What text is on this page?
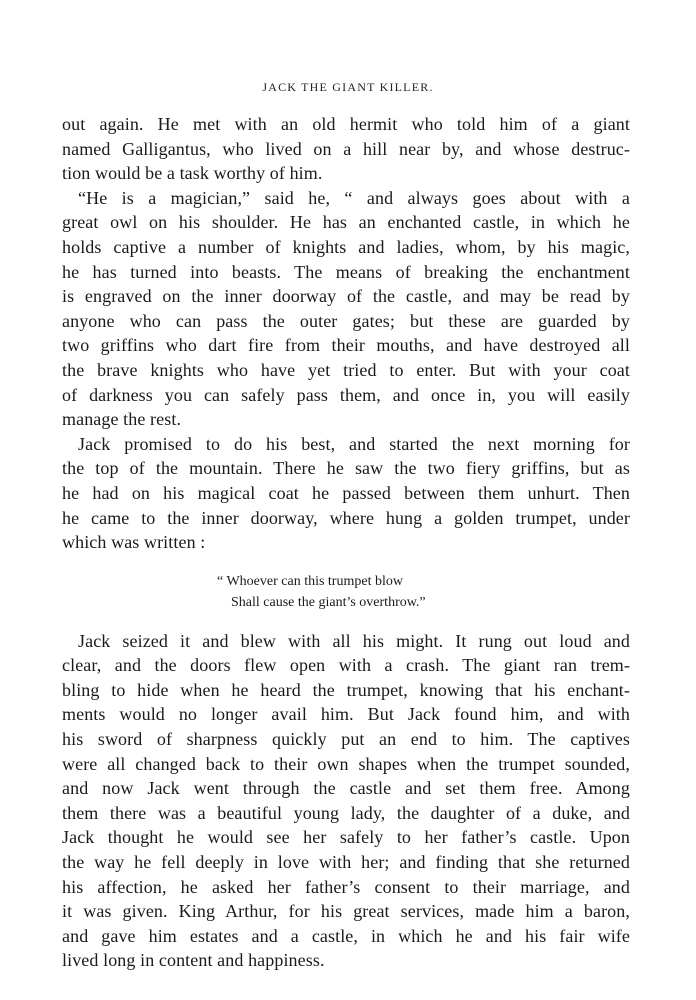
JACK THE GIANT KILLER.
out again. He met with an old hermit who told him of a giant
named Galligantus, who lived on a hill near by, and whose destruc-
tion would be a task worthy of him.
“He is a magician,” said he, “ and always goes about with a
great owl on his shoulder. He has an enchanted castle, in which he
holds captive a number of knights and ladies, whom, by his magic,
he has turned into beasts. The means of breaking the enchantment
is engraved on the inner doorway of the castle, and may be read by
anyone who can pass the outer gates; but these are guarded by
two griffins who dart fire from their mouths, and have destroyed all
the brave knights who have yet tried to enter. But with your coat
of darkness you can safely pass them, and once in, you will easily
manage the rest.
Jack promised to do his best, and started the next morning for
the top of the mountain. There he saw the two fiery griffins, but as
he had on his magical coat he passed between them unhurt. Then
he came to the inner doorway, where hung a golden trumpet, under
which was written :
“ Whoever can this trumpet blow
Shall cause the giant’s overthrow.”
Jack seized it and blew with all his might. It rung out loud and
clear, and the doors flew open with a crash. The giant ran trem-
bling to hide when he heard the trumpet, knowing that his enchant-
ments would no longer avail him. But Jack found him, and with
his sword of sharpness quickly put an end to him. The captives
were all changed back to their own shapes when the trumpet sounded,
and now Jack went through the castle and set them free. Among
them there was a beautiful young lady, the daughter of a duke, and
Jack thought he would see her safely to her father’s castle. Upon
the way he fell deeply in love with her; and finding that she returned
his affection, he asked her father’s consent to their marriage, and
it was given. King Arthur, for his great services, made him a baron,
and gave him estates and a castle, in which he and his fair wife
lived long in content and happiness.
